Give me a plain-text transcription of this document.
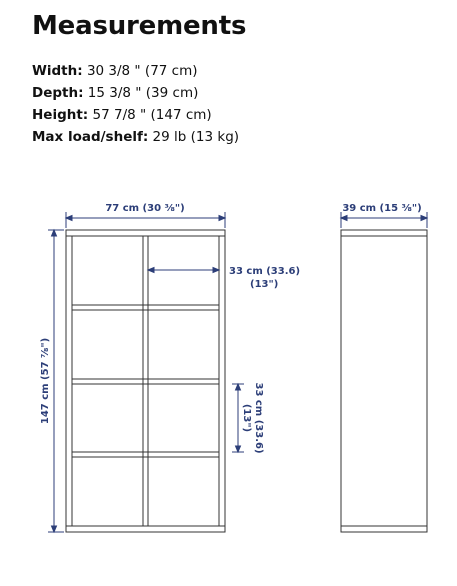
Measurements
Width: 30 3/8 " (77 cm)
Depth: 15 3/8 " (39 cm)
Height: 57 7/8 " (147 cm)
Max load/shelf: 29 lb (13 kg)
77 cm (30 ⅜")	39 cm (15 ⅜")
147 cm (57 ⅞")
33 cm (33.6)
(13")
33 cm (33.6)
(13")
